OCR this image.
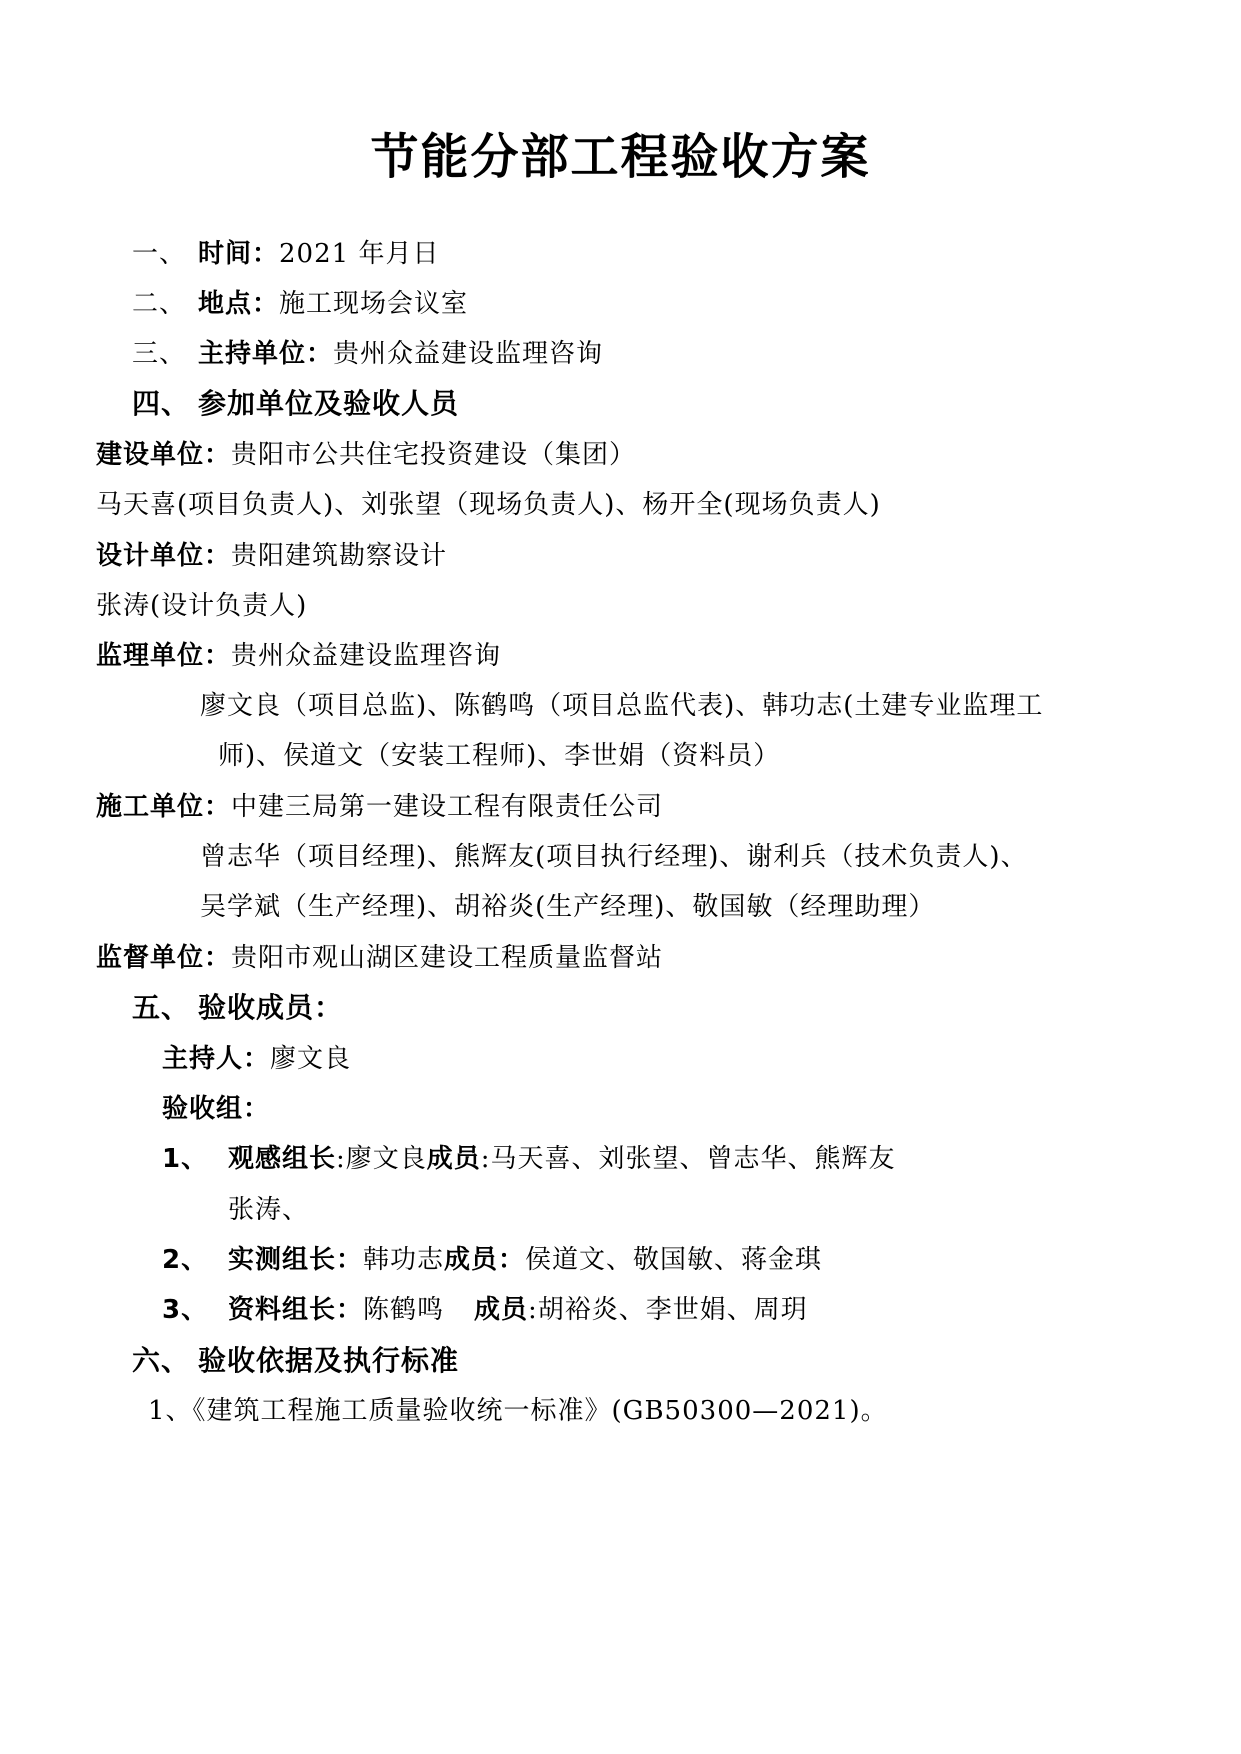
节能分部工程验收方案
一、 时间：2021 年月日
二、 地点：施工现场会议室
三、 主持单位：贵州众益建设监理咨询
四、 参加单位及验收人员
建设单位：贵阳市公共住宅投资建设（集团）
马天喜(项目负责人)、刘张望（现场负责人)、杨开全(现场负责人)
设计单位：贵阳建筑勘察设计
张涛(设计负责人)
监理单位：贵州众益建设监理咨询
廖文良（项目总监)、陈鹤鸣（项目总监代表)、韩功志(土建专业监理工
师)、侯道文（安装工程师)、李世娟（资料员）
施工单位：中建三局第一建设工程有限责任公司
曾志华（项目经理)、熊辉友(项目执行经理)、谢利兵（技术负责人)、
吴学斌（生产经理)、胡裕炎(生产经理)、敬国敏（经理助理）
监督单位：贵阳市观山湖区建设工程质量监督站
五、 验收成员：
主持人：廖文良
验收组：
1、 观感组长:廖文良成员:马天喜、刘张望、曾志华、熊辉友
张涛、
2、 实测组长：韩功志成员：侯道文、敬国敏、蒋金琪
3、 资料组长：陈鹤鸣 成员:胡裕炎、李世娟、周玥
六、 验收依据及执行标准
1、《建筑工程施工质量验收统一标准》(GB50300—2021)。
